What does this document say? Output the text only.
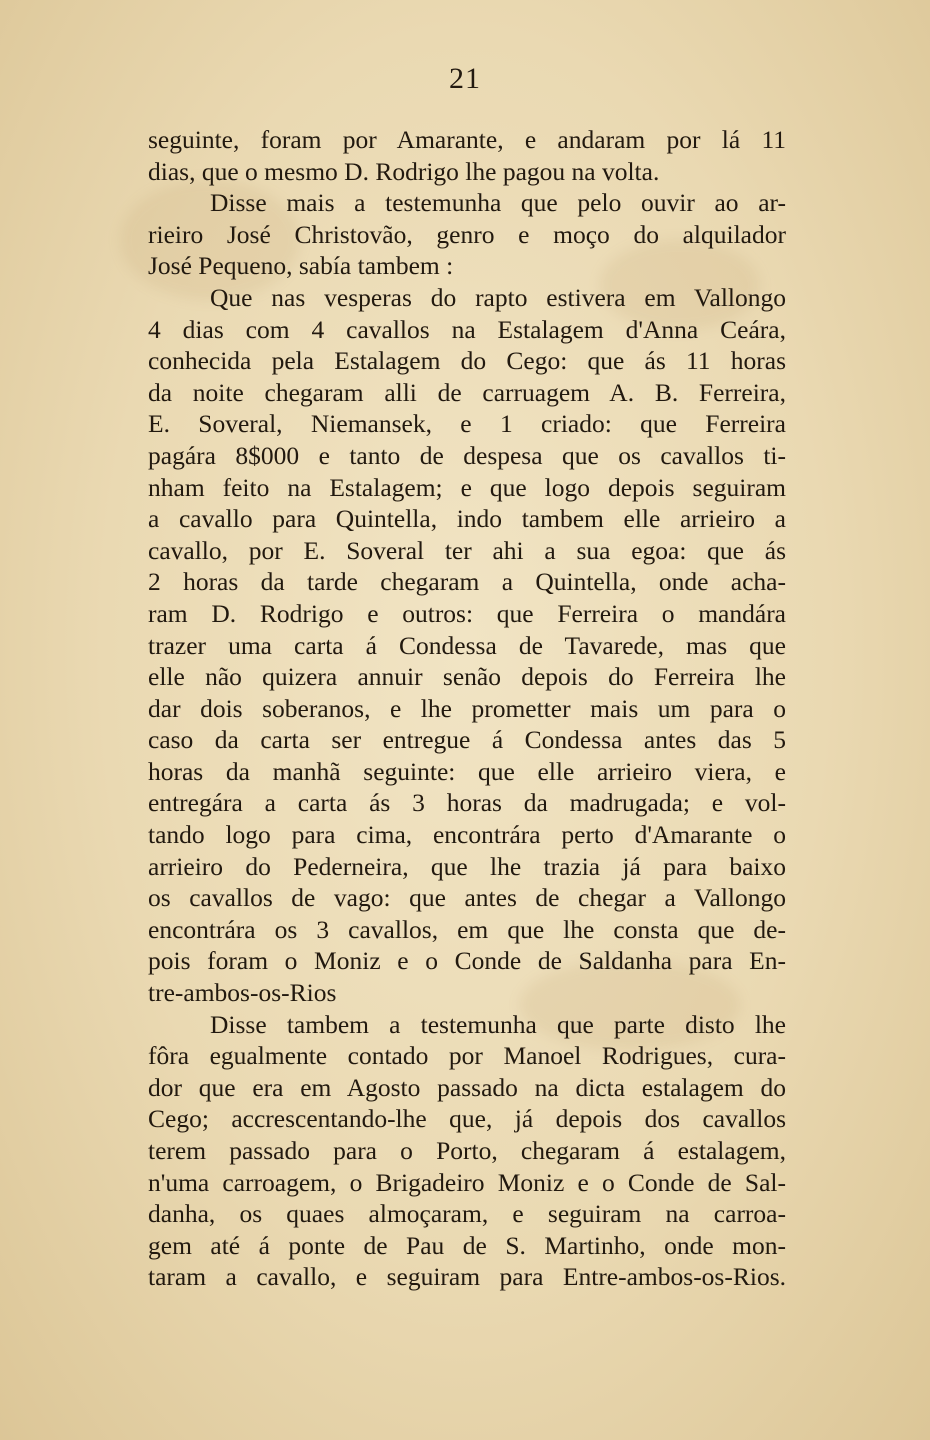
21
seguinte, foram por Amarante, e andaram por lá 11
dias, que o mesmo D. Rodrigo lhe pagou na volta.
Disse mais a testemunha que pelo ouvir ao ar-
rieiro José Christovão, genro e moço do alquilador
José Pequeno, sabía tambem :
Que nas vesperas do rapto estivera em Vallongo
4 dias com 4 cavallos na Estalagem d'Anna Ceára,
conhecida pela Estalagem do Cego: que ás 11 horas
da noite chegaram alli de carruagem A. B. Ferreira,
E. Soveral, Niemansek, e 1 criado: que Ferreira
pagára 8$000 e tanto de despesa que os cavallos ti-
nham feito na Estalagem; e que logo depois seguiram
a cavallo para Quintella, indo tambem elle arrieiro a
cavallo, por E. Soveral ter ahi a sua egoa: que ás
2 horas da tarde chegaram a Quintella, onde acha-
ram D. Rodrigo e outros: que Ferreira o mandára
trazer uma carta á Condessa de Tavarede, mas que
elle não quizera annuir senão depois do Ferreira lhe
dar dois soberanos, e lhe prometter mais um para o
caso da carta ser entregue á Condessa antes das 5
horas da manhã seguinte: que elle arrieiro viera, e
entregára a carta ás 3 horas da madrugada; e vol-
tando logo para cima, encontrára perto d'Amarante o
arrieiro do Pederneira, que lhe trazia já para baixo
os cavallos de vago: que antes de chegar a Vallongo
encontrára os 3 cavallos, em que lhe consta que de-
pois foram o Moniz e o Conde de Saldanha para En-
tre-ambos-os-Rios
Disse tambem a testemunha que parte disto lhe
fôra egualmente contado por Manoel Rodrigues, cura-
dor que era em Agosto passado na dicta estalagem do
Cego; accrescentando-lhe que, já depois dos cavallos
terem passado para o Porto, chegaram á estalagem,
n'uma carroagem, o Brigadeiro Moniz e o Conde de Sal-
danha, os quaes almoçaram, e seguiram na carroa-
gem até á ponte de Pau de S. Martinho, onde mon-
taram a cavallo, e seguiram para Entre-ambos-os-Rios.
